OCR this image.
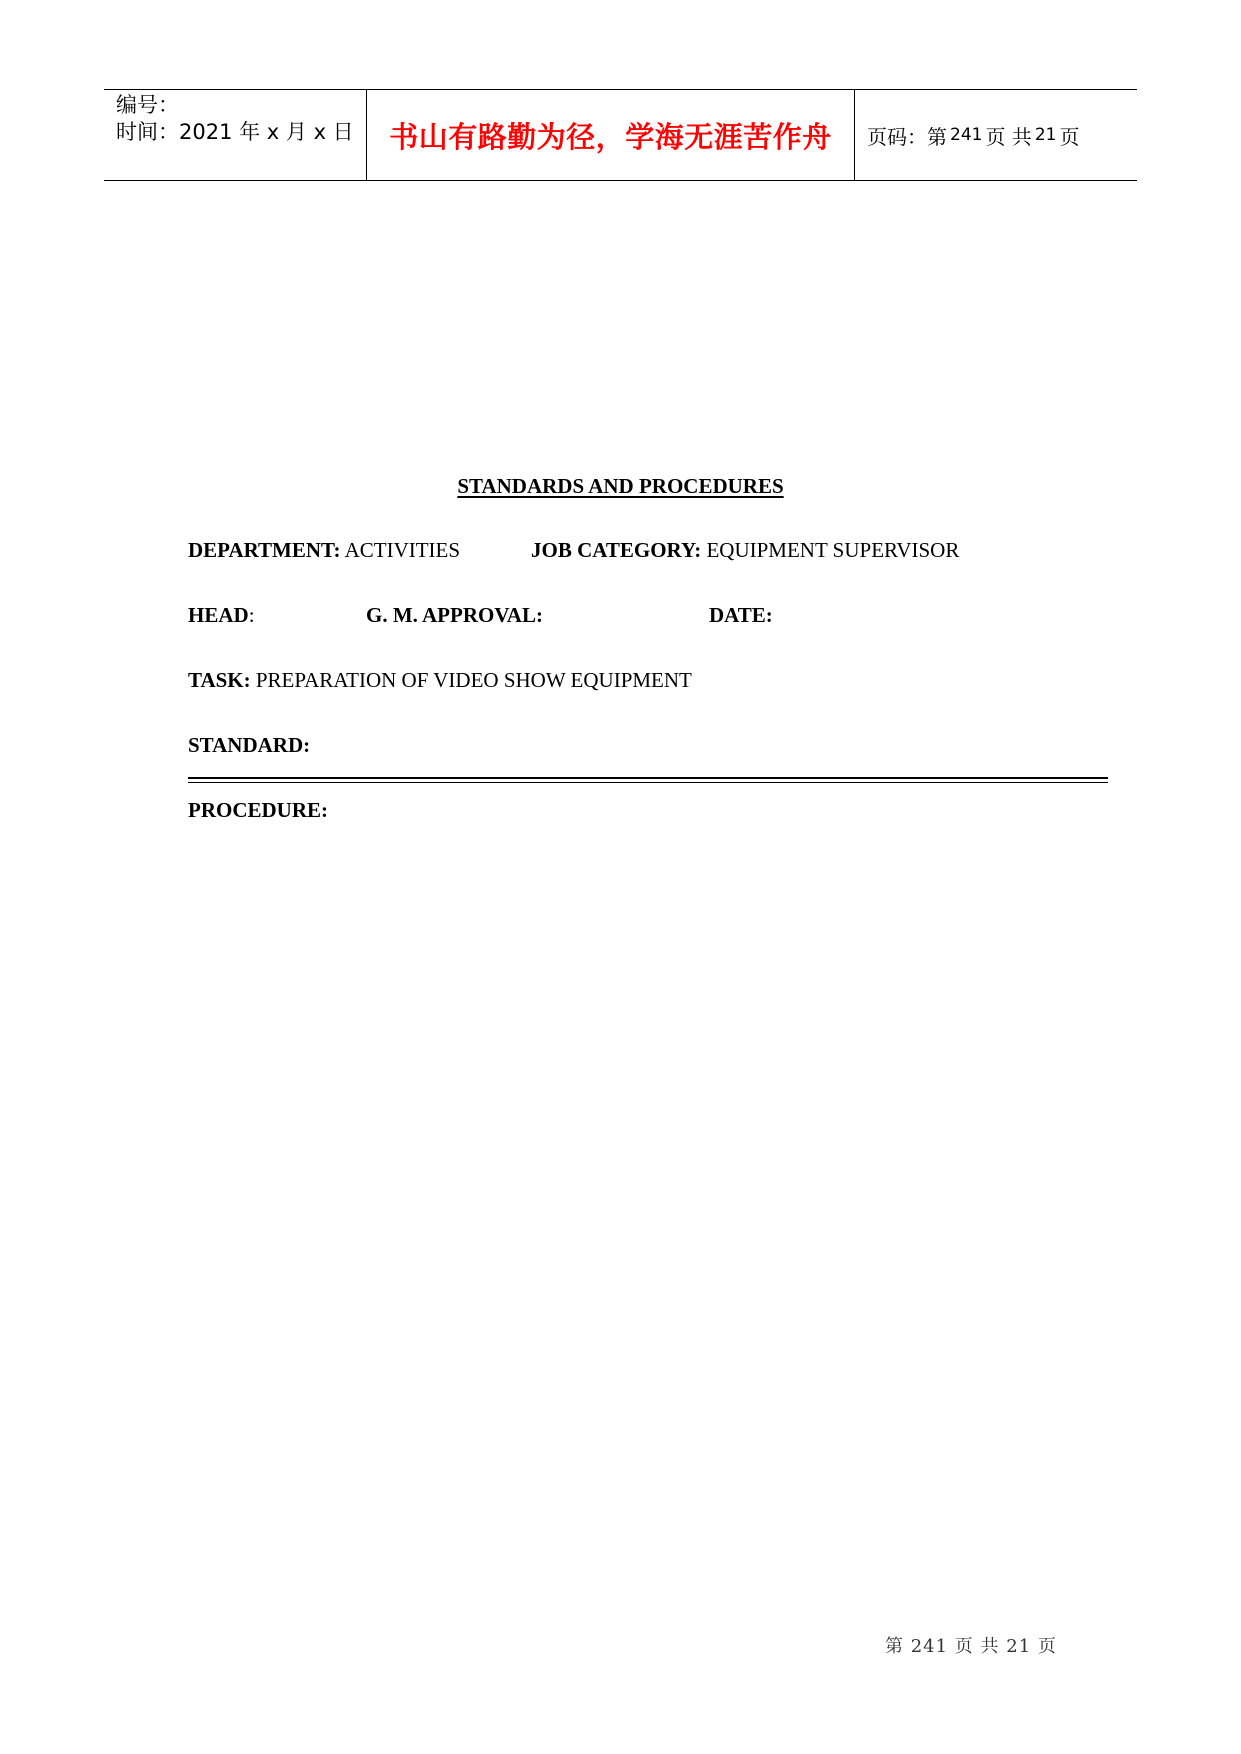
编号：
时间：2021 年 x 月 x 日	书山有路勤为径，学海无涯苦作舟 页码：第 241 页 共 21 页
STANDARDS AND PROCEDURES
DEPARTMENT: ACTIVITIES	JOB CATEGORY: EQUIPMENT SUPERVISOR
HEAD:	G. M. APPROVAL:	DATE:
TASK: PREPARATION OF VIDEO SHOW EQUIPMENT
STANDARD:
PROCEDURE:
第 241 页 共 21 页
